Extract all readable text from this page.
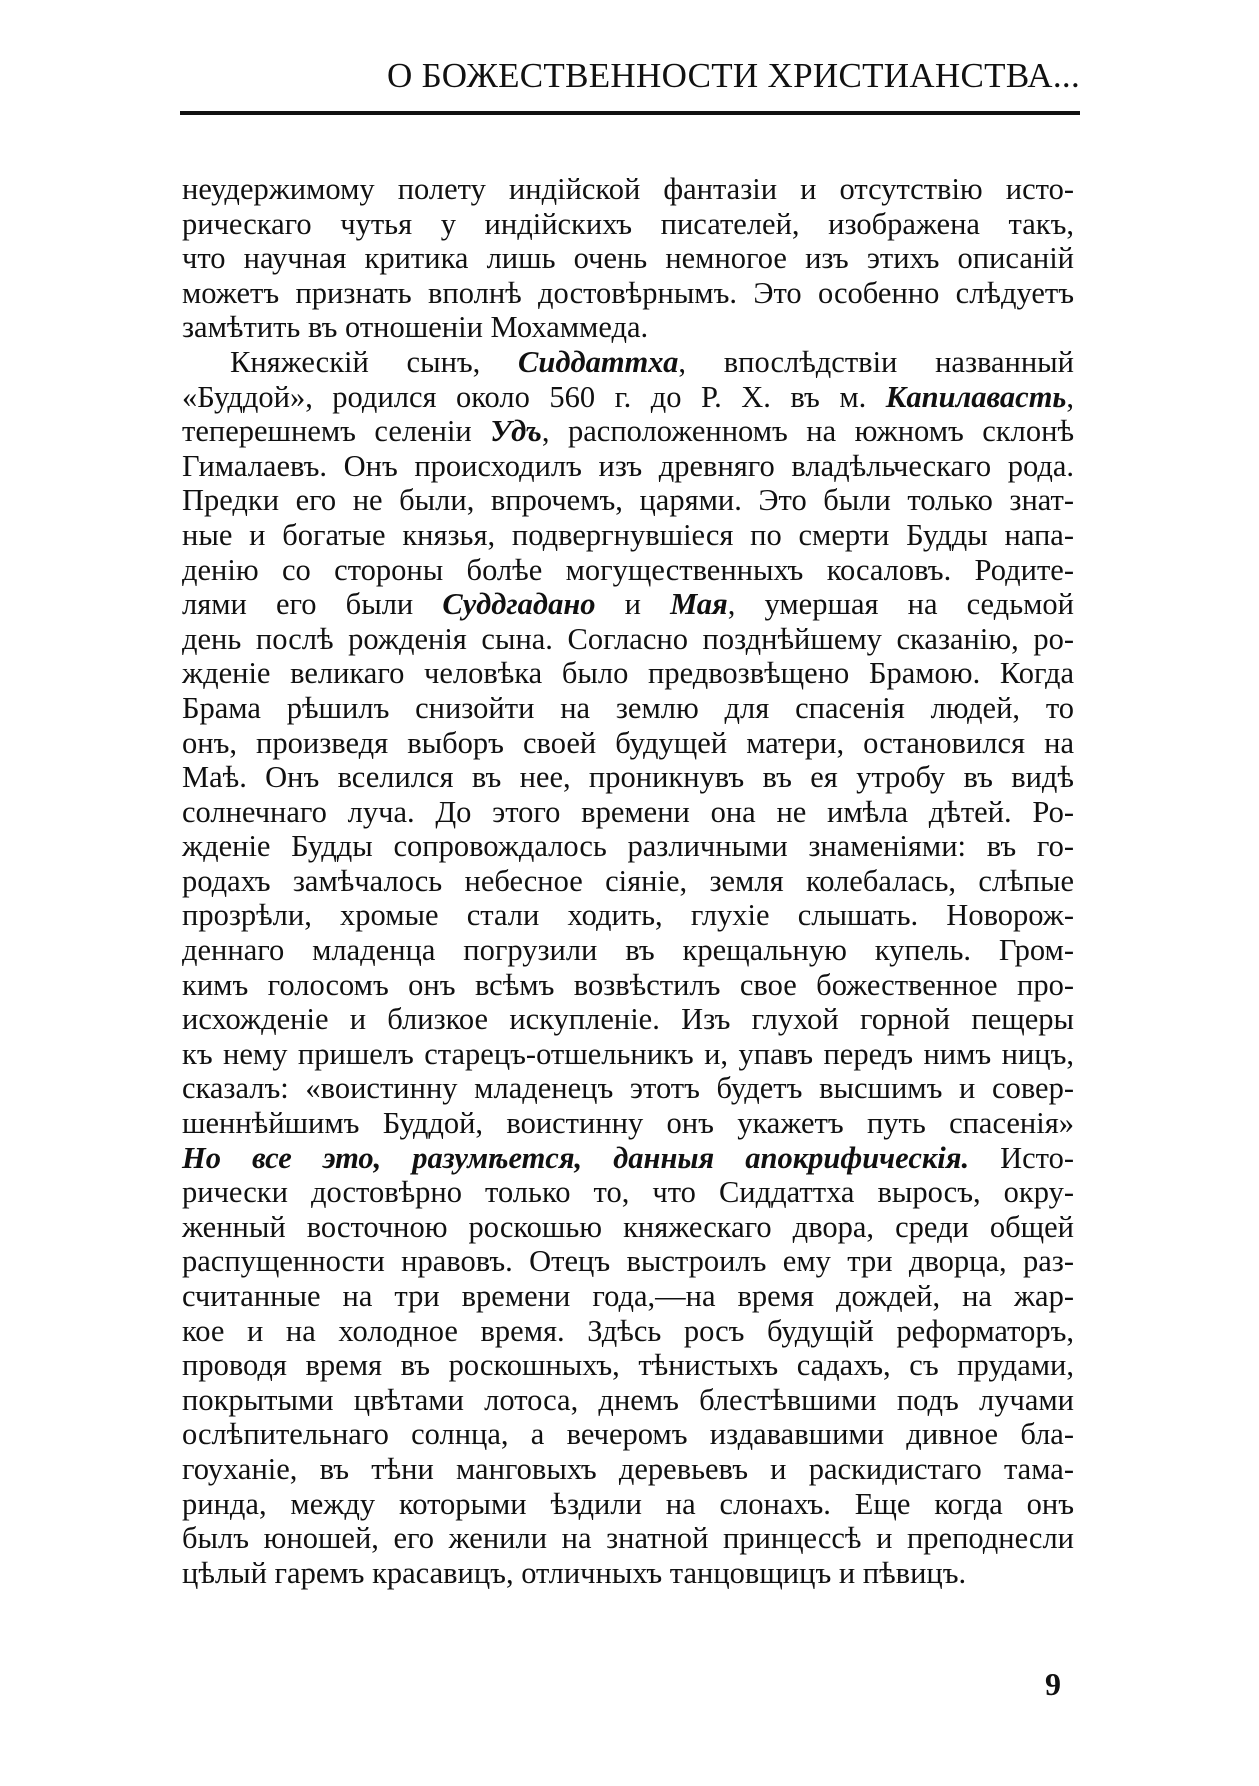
О БОЖЕСТВЕННОСТИ ХРИСТИАНСТВА...
неудержимому полету индійской фантазіи и отсутствію исто-
рическаго чутья у индійскихъ писателей, изображена такъ,
что научная критика лишь очень немногое изъ этихъ описаній
можетъ признать вполнѣ достовѣрнымъ. Это особенно слѣдуетъ
замѣтить въ отношеніи Мохаммеда.
Княжескій сынъ, Сиддаттха, впослѣдствіи названный
«Буддой», родился около 560 г. до Р. Х. въ м. Капилавасть,
теперешнемъ селеніи Удъ, расположенномъ на южномъ склонѣ
Гималаевъ. Онъ происходилъ изъ древняго владѣльческаго рода.
Предки его не были, впрочемъ, царями. Это были только знат-
ные и богатые князья, подвергнувшіеся по смерти Будды напа-
денію со стороны болѣе могущественныхъ косаловъ. Родите-
лями его были Суддгадано и Мая, умершая на седьмой
день послѣ рожденія сына. Согласно позднѣйшему сказанію, ро-
жденіе великаго человѣка было предвозвѣщено Брамою. Когда
Брама рѣшилъ снизойти на землю для спасенія людей, то
онъ, произведя выборъ своей будущей матери, остановился на
Маѣ. Онъ вселился въ нее, проникнувъ въ ея утробу въ видѣ
солнечнаго луча. До этого времени она не имѣла дѣтей. Ро-
жденіе Будды сопровождалось различными знаменіями: въ го-
родахъ замѣчалось небесное сіяніе, земля колебалась, слѣпые
прозрѣли, хромые стали ходить, глухіе слышать. Новорож-
деннаго младенца погрузили въ крещальную купель. Гром-
кимъ голосомъ онъ всѣмъ возвѣстилъ свое божественное про-
исхожденіе и близкое искупленіе. Изъ глухой горной пещеры
къ нему пришелъ старецъ-отшельникъ и, упавъ передъ нимъ ницъ,
сказалъ: «воистинну младенецъ этотъ будетъ высшимъ и совер-
шеннѣйшимъ Буддой, воистинну онъ укажетъ путь спасенія»
Но все это, разумѣется, данныя апокрифическія. Исто-
рически достовѣрно только то, что Сиддаттха выросъ, окру-
женный восточною роскошью княжескаго двора, среди общей
распущенности нравовъ. Отецъ выстроилъ ему три дворца, раз-
считанные на три времени года,—на время дождей, на жар-
кое и на холодное время. Здѣсь росъ будущій реформаторъ,
проводя время въ роскошныхъ, тѣнистыхъ садахъ, съ прудами,
покрытыми цвѣтами лотоса, днемъ блестѣвшими подъ лучами
ослѣпительнаго солнца, а вечеромъ издававшими дивное бла-
гоуханіе, въ тѣни манговыхъ деревьевъ и раскидистаго тама-
ринда, между которыми ѣздили на слонахъ. Еще когда онъ
былъ юношей, его женили на знатной принцессѣ и преподнесли
цѣлый гаремъ красавицъ, отличныхъ танцовщицъ и пѣвицъ.
9
